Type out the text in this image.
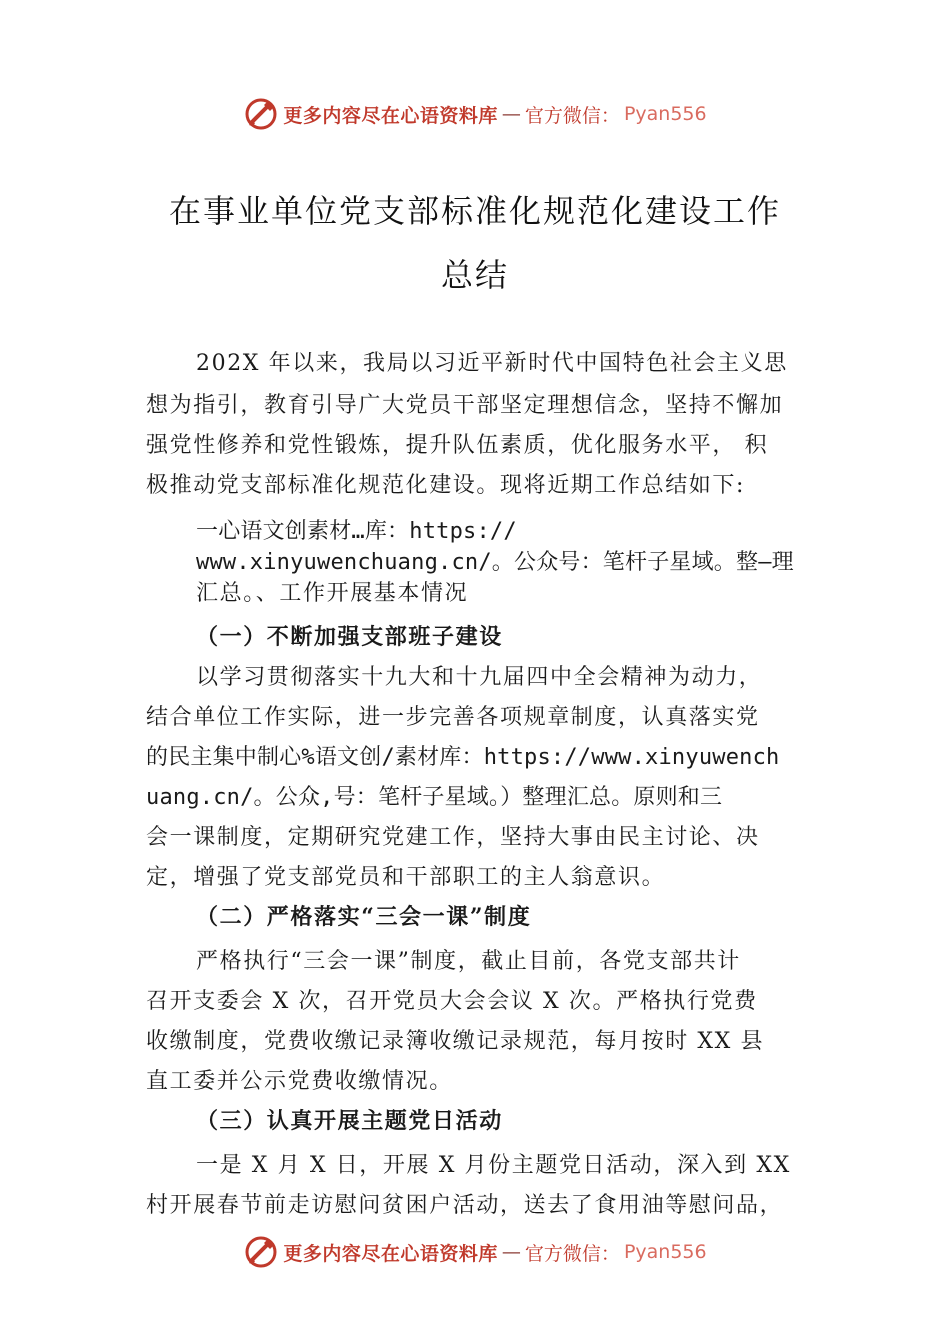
更多内容尽在心语资料库 — 官方微信： Pyan556
在事业单位党支部标准化规范化建设工作
总结
202X 年以来，我局以习近平新时代中国特色社会主义思
想为指引，教育引导广大党员干部坚定理想信念，坚持不懈加
强党性修养和党性锻炼，提升队伍素质，优化服务水平， 积
极推动党支部标准化规范化建设。现将近期工作总结如下:
一心语文创素材…库：https://
www.xinyuwenchuang.cn/。公众号：笔杆子星域。整—理
汇总。、工作开展基本情况
（一）不断加强支部班子建设
以学习贯彻落实十九大和十九届四中全会精神为动力，
结合单位工作实际，进一步完善各项规章制度，认真落实党
的民主集中制心%语文创/素材库：https://www.xinyuwench
uang.cn/。公众,号：笔杆子星域。）整理汇总。原则和三
会一课制度，定期研究党建工作，坚持大事由民主讨论、决
定，增强了党支部党员和干部职工的主人翁意识。
（二）严格落实“三会一课”制度
严格执行“三会一课”制度，截止目前，各党支部共计
召开支委会 X 次，召开党员大会会议 X 次。严格执行党费
收缴制度，党费收缴记录簿收缴记录规范，每月按时 XX 县
直工委并公示党费收缴情况。
（三）认真开展主题党日活动
一是 X 月 X 日，开展 X 月份主题党日活动，深入到 XX
村开展春节前走访慰问贫困户活动，送去了食用油等慰问品，
更多内容尽在心语资料库 — 官方微信： Pyan556
